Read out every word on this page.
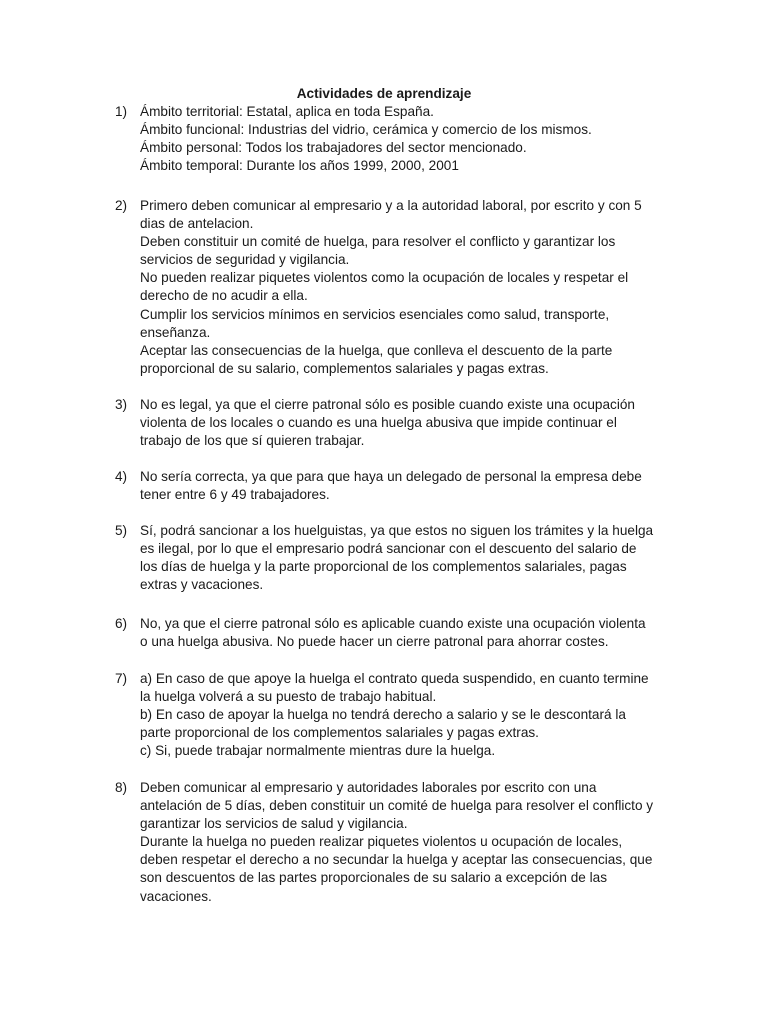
Actividades de aprendizaje
1) Ámbito territorial: Estatal, aplica en toda España.
Ámbito funcional: Industrias del vidrio, cerámica y comercio de los mismos.
Ámbito personal: Todos los trabajadores del sector mencionado.
Ámbito temporal: Durante los años 1999, 2000, 2001
2) Primero deben comunicar al empresario y a la autoridad laboral, por escrito y con 5
dias de antelacion.
Deben constituir un comité de huelga, para resolver el conflicto y garantizar los
servicios de seguridad y vigilancia.
No pueden realizar piquetes violentos como la ocupación de locales y respetar el
derecho de no acudir a ella.
Cumplir los servicios mínimos en servicios esenciales como salud, transporte,
enseñanza.
Aceptar las consecuencias de la huelga, que conlleva el descuento de la parte
proporcional de su salario, complementos salariales y pagas extras.
3) No es legal, ya que el cierre patronal sólo es posible cuando existe una ocupación
violenta de los locales o cuando es una huelga abusiva que impide continuar el
trabajo de los que sí quieren trabajar.
4) No sería correcta, ya que para que haya un delegado de personal la empresa debe
tener entre 6 y 49 trabajadores.
5) Sí, podrá sancionar a los huelguistas, ya que estos no siguen los trámites y la huelga
es ilegal, por lo que el empresario podrá sancionar con el descuento del salario de
los días de huelga y la parte proporcional de los complementos salariales, pagas
extras y vacaciones.
6) No, ya que el cierre patronal sólo es aplicable cuando existe una ocupación violenta
o una huelga abusiva. No puede hacer un cierre patronal para ahorrar costes.
7) a) En caso de que apoye la huelga el contrato queda suspendido, en cuanto termine
la huelga volverá a su puesto de trabajo habitual.
b) En caso de apoyar la huelga no tendrá derecho a salario y se le descontará la
parte proporcional de los complementos salariales y pagas extras.
c) Si, puede trabajar normalmente mientras dure la huelga.
8) Deben comunicar al empresario y autoridades laborales por escrito con una
antelación de 5 días, deben constituir un comité de huelga para resolver el conflicto y
garantizar los servicios de salud y vigilancia.
Durante la huelga no pueden realizar piquetes violentos u ocupación de locales,
deben respetar el derecho a no secundar la huelga y aceptar las consecuencias, que
son descuentos de las partes proporcionales de su salario a excepción de las
vacaciones.
